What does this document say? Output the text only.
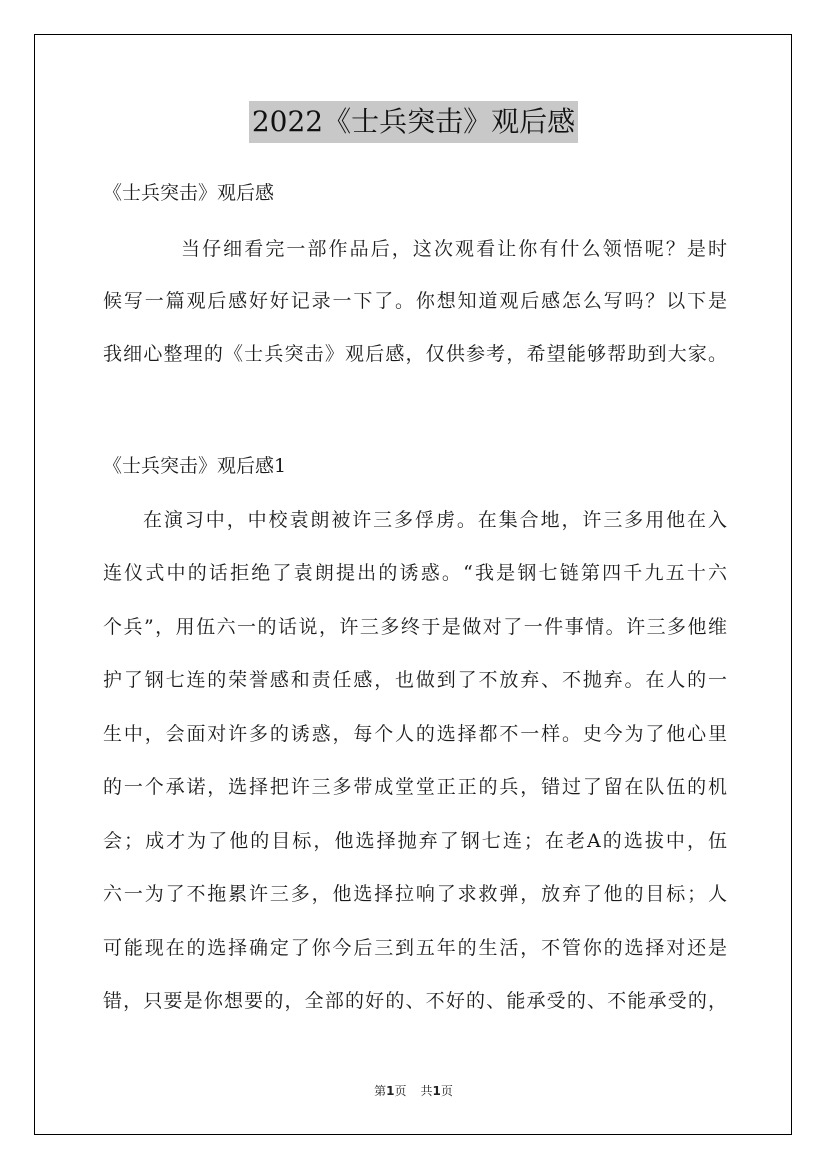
2022《士兵突击》观后感
《士兵突击》观后感
当仔细看完一部作品后，这次观看让你有什么领悟呢？是时
候写一篇观后感好好记录一下了。你想知道观后感怎么写吗？以下是
我细心整理的《士兵突击》观后感，仅供参考，希望能够帮助到大家。
《士兵突击》观后感1
在演习中，中校袁朗被许三多俘虏。在集合地，许三多用他在入
连仪式中的话拒绝了袁朗提出的诱惑。“我是钢七链第四千九五十六
个兵”，用伍六一的话说，许三多终于是做对了一件事情。许三多他维
护了钢七连的荣誉感和责任感，也做到了不放弃、不抛弃。在人的一
生中，会面对许多的诱惑，每个人的选择都不一样。史今为了他心里
的一个承诺，选择把许三多带成堂堂正正的兵，错过了留在队伍的机
会；成才为了他的目标，他选择抛弃了钢七连；在老A的选拔中，伍
六一为了不拖累许三多，他选择拉响了求救弹，放弃了他的目标；人
可能现在的选择确定了你今后三到五年的生活，不管你的选择对还是
错，只要是你想要的，全部的好的、不好的、能承受的、不能承受的，
第1页 共1页
